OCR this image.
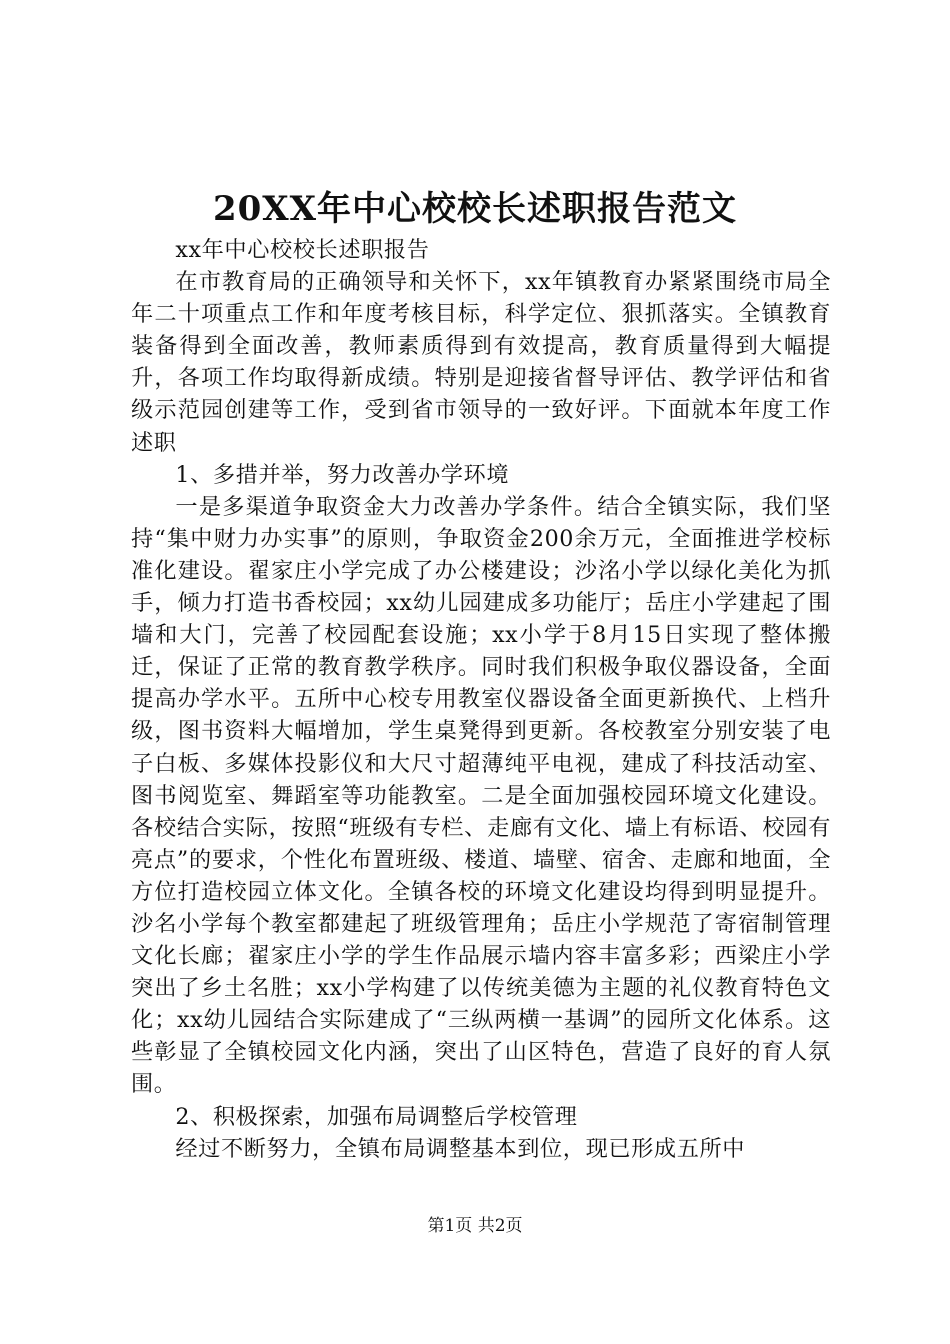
20XX年中心校校长述职报告范文

xx年中心校校长述职报告

在市教育局的正确领导和关怀下，xx年镇教育办紧紧围绕市局全年二十项重点工作和年度考核目标，科学定位、狠抓落实。全镇教育装备得到全面改善，教师素质得到有效提高，教育质量得到大幅提升，各项工作均取得新成绩。特别是迎接省督导评估、教学评估和省级示范园创建等工作，受到省市领导的一致好评。下面就本年度工作述职

1、多措并举，努力改善办学环境

一是多渠道争取资金大力改善办学条件。结合全镇实际，我们坚持“集中财力办实事”的原则，争取资金200余万元，全面推进学校标准化建设。翟家庄小学完成了办公楼建设；沙洺小学以绿化美化为抓手，倾力打造书香校园；xx幼儿园建成多功能厅；岳庄小学建起了围墙和大门，完善了校园配套设施；xx小学于8月15日实现了整体搬迁，保证了正常的教育教学秩序。同时我们积极争取仪器设备，全面提高办学水平。五所中心校专用教室仪器设备全面更新换代、上档升级，图书资料大幅增加，学生桌凳得到更新。各校教室分别安装了电子白板、多媒体投影仪和大尺寸超薄纯平电视，建成了科技活动室、图书阅览室、舞蹈室等功能教室。二是全面加强校园环境文化建设。各校结合实际，按照“班级有专栏、走廊有文化、墙上有标语、校园有亮点”的要求，个性化布置班级、楼道、墙壁、宿舍、走廊和地面，全方位打造校园立体文化。全镇各校的环境文化建设均得到明显提升。沙名小学每个教室都建起了班级管理角；岳庄小学规范了寄宿制管理文化长廊；翟家庄小学的学生作品展示墙内容丰富多彩；西梁庄小学突出了乡土名胜；xx小学构建了以传统美德为主题的礼仪教育特色文化；xx幼儿园结合实际建成了“三纵两横一基调”的园所文化体系。这些彰显了全镇校园文化内涵，突出了山区特色，营造了良好的育人氛围。

2、积极探索，加强布局调整后学校管理

经过不断努力，全镇布局调整基本到位，现已形成五所中

第1页 共2页
